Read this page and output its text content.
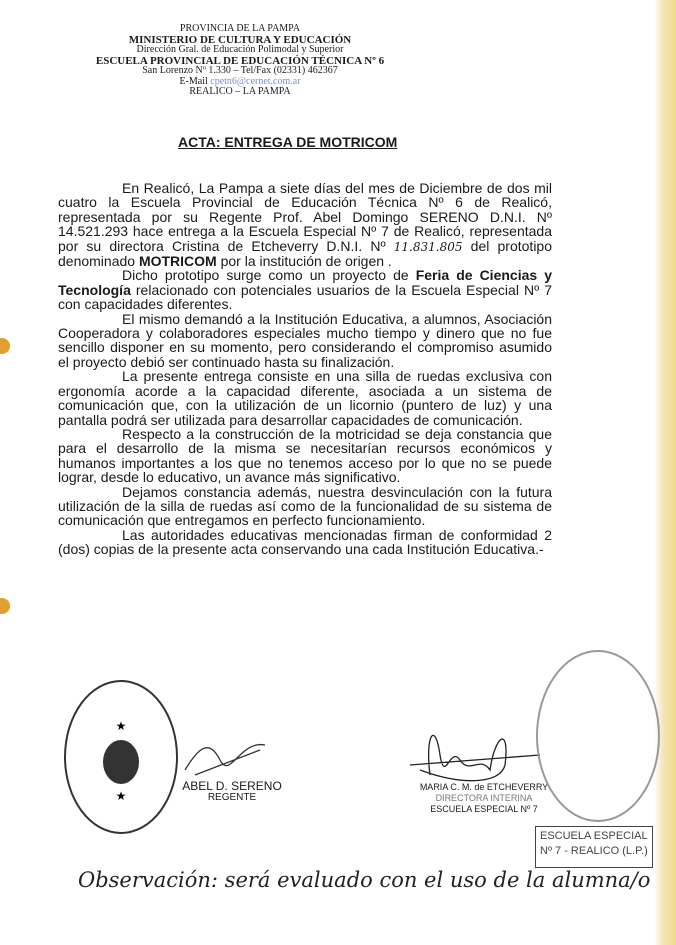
PROVINCIA DE LA PAMPA
MINISTERIO DE CULTURA Y EDUCACIÓN
Dirección Gral. de Educación Polimodal y Superior
ESCUELA PROVINCIAL DE EDUCACIÓN TÉCNICA Nº 6
San Lorenzo Nº 1.330 – Tel/Fax (02331) 462367
E-Mail cpetn6@cernet.com.ar
REALICO – LA PAMPA
ACTA: ENTREGA DE MOTRICOM

En Realicó, La Pampa a siete días del mes de Diciembre de dos mil cuatro la Escuela Provincial de Educación Técnica Nº 6 de Realicó, representada por su Regente Prof. Abel Domingo SERENO D.N.I. Nº 14.521.293 hace entrega a la Escuela Especial Nº 7 de Realicó, representada por su directora Cristina de Etcheverry D.N.I. Nº 11.831.805 del prototipo denominado MOTRICOM por la institución de origen .

Dicho prototipo surge como un proyecto de Feria de Ciencias y Tecnología relacionado con potenciales usuarios de la Escuela Especial Nº 7 con capacidades diferentes.

El mismo demandó a la Institución Educativa, a alumnos, Asociación Cooperadora y colaboradores especiales mucho tiempo y dinero que no fue sencillo disponer en su momento, pero considerando el compromiso asumido el proyecto debió ser continuado hasta su finalización.

La presente entrega consiste en una silla de ruedas exclusiva con ergonomía acorde a la capacidad diferente, asociada a un sistema de comunicación que, con la utilización de un licornio (puntero de luz) y una pantalla podrá ser utilizada para desarrollar capacidades de comunicación.

Respecto a la construcción de la motricidad se deja constancia que para el desarrollo de la misma se necesitarían recursos económicos y humanos importantes a los que no tenemos acceso por lo que no se puede lograr, desde lo educativo, un avance más significativo.

Dejamos constancia además, nuestra desvinculación con la futura utilización de la silla de ruedas así como de la funcionalidad de su sistema de comunicación que entregamos en perfecto funcionamiento.

Las autoridades educativas mencionadas firman de conformidad 2 (dos) copias de la presente acta conservando una cada Institución Educativa.-

★
★
ABEL D. SERENO
REGENTE
MARIA C. M. de ETCHEVERRY
DIRECTORA INTERINA
ESCUELA ESPECIAL Nº 7
ESCUELA ESPECIAL
Nº 7 - REALICO (L.P.)
Observación: será evaluado con el uso de la alumna/o
